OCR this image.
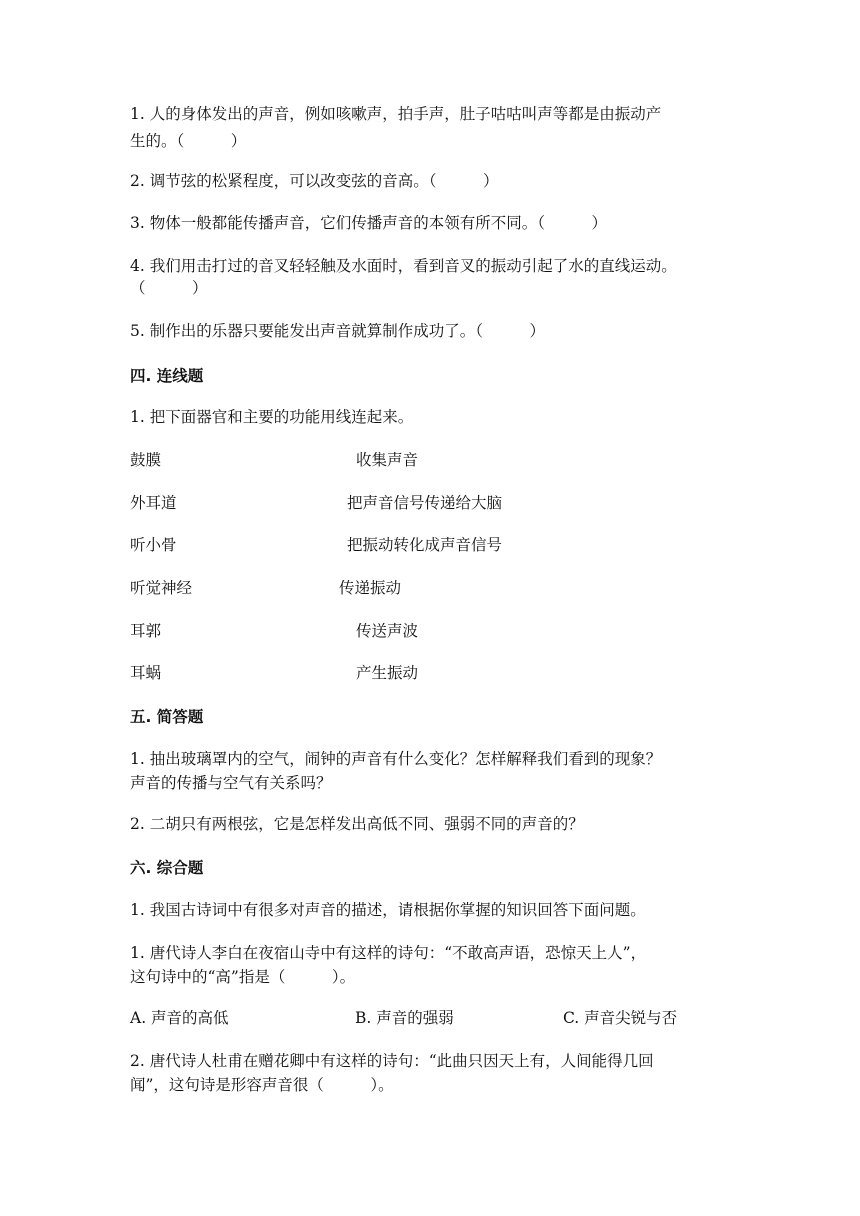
1. 人的身体发出的声音，例如咳嗽声，拍手声，肚子咕咕叫声等都是由振动产
生的。（　　　）
2. 调节弦的松紧程度，可以改变弦的音高。（　　　）
3. 物体一般都能传播声音，它们传播声音的本领有所不同。（　　　）
4. 我们用击打过的音叉轻轻触及水面时，看到音叉的振动引起了水的直线运动。
（　　　）
5. 制作出的乐器只要能发出声音就算制作成功了。（　　　）
四. 连线题
1. 把下面器官和主要的功能用线连起来。
鼓膜	收集声音
外耳道	把声音信号传递给大脑
听小骨	把振动转化成声音信号
听觉神经	传递振动
耳郭	传送声波
耳蜗	产生振动
五. 简答题
1. 抽出玻璃罩内的空气，闹钟的声音有什么变化？怎样解释我们看到的现象？
声音的传播与空气有关系吗？
2. 二胡只有两根弦，它是怎样发出高低不同、强弱不同的声音的？
六. 综合题
1. 我国古诗词中有很多对声音的描述，请根据你掌握的知识回答下面问题。
1. 唐代诗人李白在夜宿山寺中有这样的诗句：“不敢高声语，恐惊天上人”，
这句诗中的“高”指是（　　　）。
A. 声音的高低	B. 声音的强弱	C. 声音尖锐与否
2. 唐代诗人杜甫在赠花卿中有这样的诗句：“此曲只因天上有，人间能得几回
闻”，这句诗是形容声音很（　　　）。
